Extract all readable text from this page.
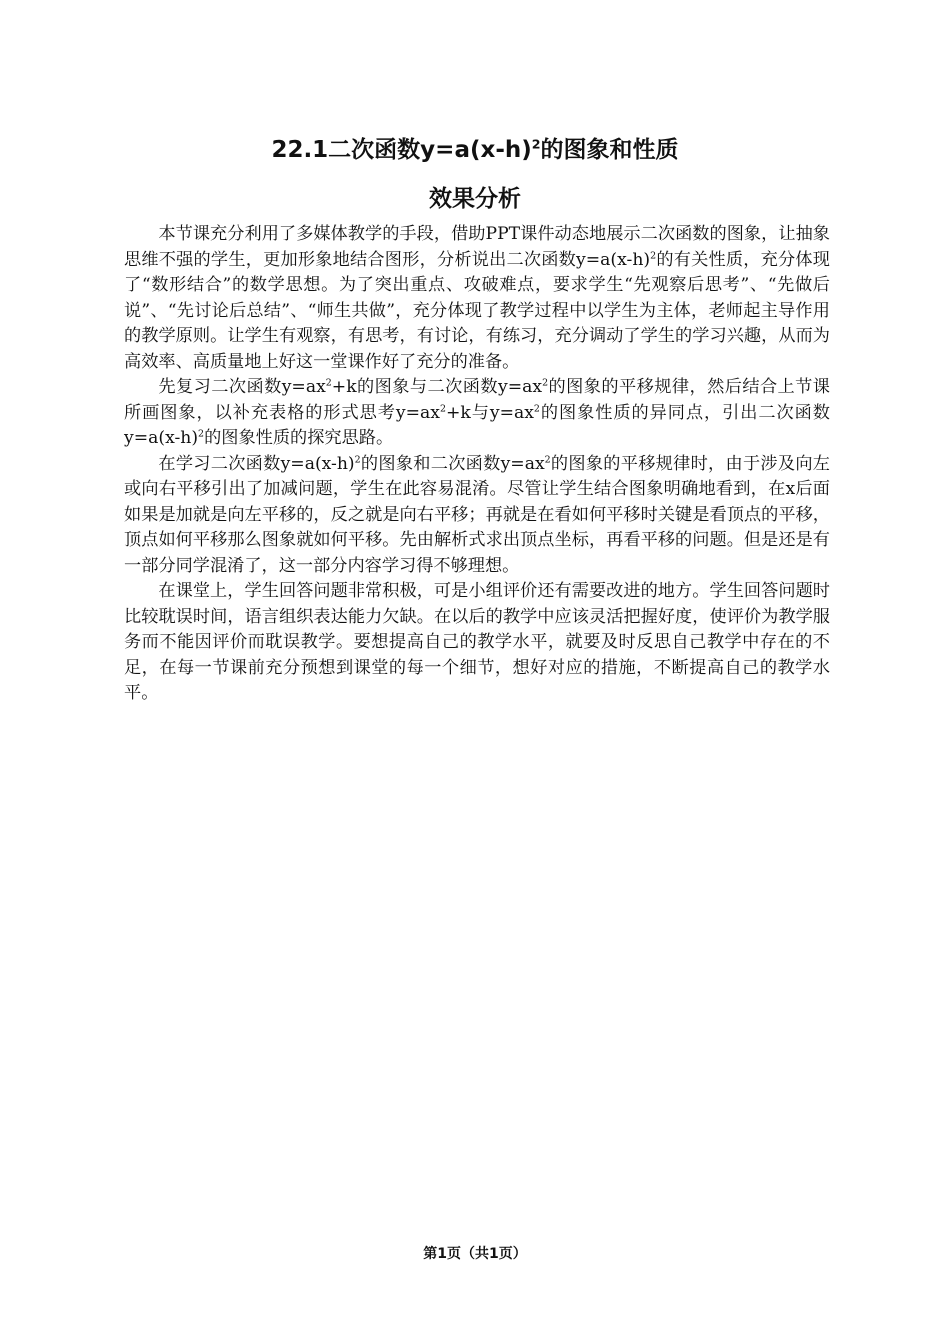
22.1二次函数$y=a(x-h)^2$的图象和性质
效果分析

本节课充分利用了多媒体教学的手段，借助PPT课件动态地展示二次函数的图象，让抽象思维不强的学生，更加形象地结合图形，分析说出二次函数$y=a(x-h)^2$的有关性质，充分体现了“数形结合”的数学思想。为了突出重点、攻破难点，要求学生“先观察后思考”、“先做后说”、“先讨论后总结”、“师生共做”，充分体现了教学过程中以学生为主体，老师起主导作用的教学原则。让学生有观察，有思考，有讨论，有练习，充分调动了学生的学习兴趣，从而为高效率、高质量地上好这一堂课作好了充分的准备。

先复习二次函数$y=ax^2+k$的图象与二次函数$y=ax^2$的图象的平移规律，然后结合上节课所画图象，以补充表格的形式思考$y=ax^2+k$与$y=ax^2$的图象性质的异同点，引出二次函数$y=a(x-h)^2$的图象性质的探究思路。

在学习二次函数$y=a(x-h)^2$的图象和二次函数$y=ax^2$的图象的平移规律时，由于涉及向左或向右平移引出了加减问题，学生在此容易混淆。尽管让学生结合图象明确地看到，在x后面如果是加就是向左平移的，反之就是向右平移；再就是在看如何平移时关键是看顶点的平移，顶点如何平移那么图象就如何平移。先由解析式求出顶点坐标，再看平移的问题。但是还是有一部分同学混淆了，这一部分内容学习得不够理想。

在课堂上，学生回答问题非常积极，可是小组评价还有需要改进的地方。学生回答问题时比较耽误时间，语言组织表达能力欠缺。在以后的教学中应该灵活把握好度，使评价为教学服务而不能因评价而耽误教学。要想提高自己的教学水平，就要及时反思自己教学中存在的不足，在每一节课前充分预想到课堂的每一个细节，想好对应的措施，不断提高自己的教学水平。

第1页（共1页）
